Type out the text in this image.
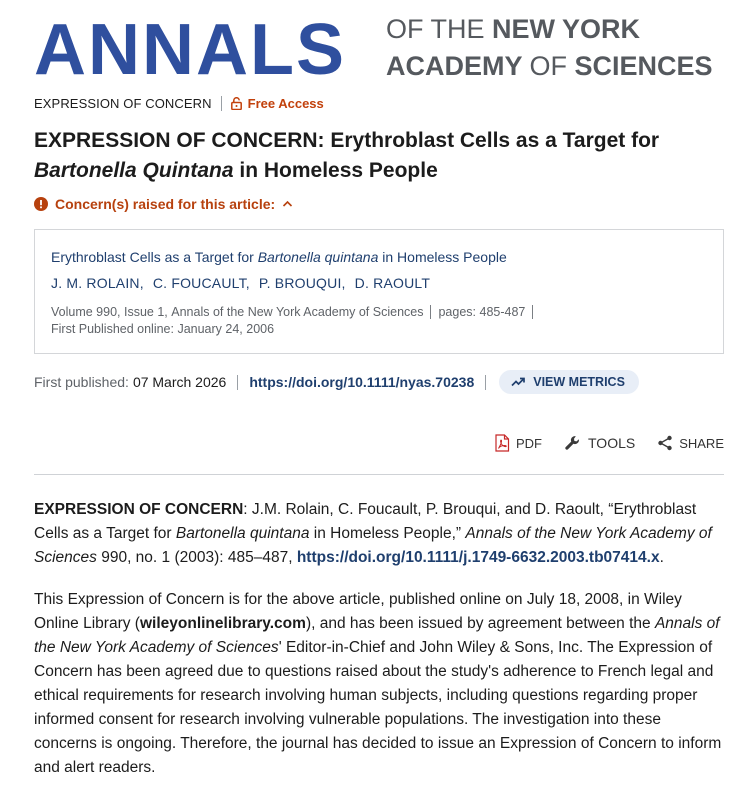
ANNALS OF THE NEW YORK
ACADEMY OF SCIENCES
EXPRESSION OF CONCERN	Free Access
EXPRESSION OF CONCERN: Erythroblast Cells as a Target for Bartonella Quintana in Homeless People
Concern(s) raised for this article:
Erythroblast Cells as a Target for Bartonella quintana in Homeless People
J. M. ROLAIN, C. FOUCAULT, P. BROUQUI, D. RAOULT
Volume 990 , Issue 1 , Annals of the New York Academy of Sciences pages: 485-487
First Published online: January 24, 2006
First published: 07 March 2026 https://doi.org/10.1111/nyas.70238	VIEW METRICS
PDF	TOOLS	SHARE

EXPRESSION OF CONCERN: J.M. Rolain, C. Foucault, P. Brouqui, and D. Raoult, “Erythroblast Cells as a Target for Bartonella quintana in Homeless People,” Annals of the New York Academy of Sciences 990, no. 1 (2003): 485–487, https://doi.org/10.1111/j.1749-6632.2003.tb07414.x.

This Expression of Concern is for the above article, published online on July 18, 2008, in Wiley Online Library (wileyonlinelibrary.com), and has been issued by agreement between the Annals of the New York Academy of Sciences' Editor-in-Chief and John Wiley & Sons, Inc. The Expression of Concern has been agreed due to questions raised about the study's adherence to French legal and ethical requirements for research involving human subjects, including questions regarding proper informed consent for research involving vulnerable populations. The investigation into these concerns is ongoing. Therefore, the journal has decided to issue an Expression of Concern to inform and alert readers.
